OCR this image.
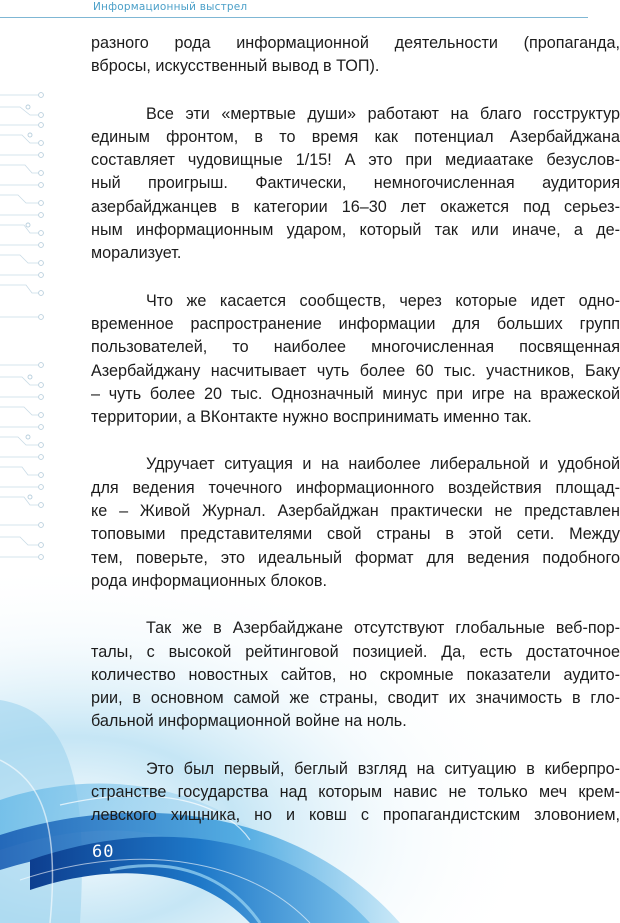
Информационный выстрел

разного рода информационной деятельности (пропаганда,
вбросы, искусственный вывод в ТОП).

Все эти «мертвые души» работают на благо госструктур
единым фронтом, в то время как потенциал Азербайджана
составляет чудовищные 1/15! А это при медиаатаке безуслов-
ный проигрыш. Фактически, немногочисленная аудитория
азербайджанцев в категории 16–30 лет окажется под серьез-
ным информационным ударом, который так или иначе, а де-
морализует.

Что же касается сообществ, через которые идет одно-
временное распространение информации для больших групп
пользователей, то наиболее многочисленная посвященная
Азербайджану насчитывает чуть более 60 тыс. участников, Баку
– чуть более 20 тыс. Однозначный минус при игре на вражеской
территории, а ВКонтакте нужно воспринимать именно так.

Удручает ситуация и на наиболее либеральной и удобной
для ведения точечного информационного воздействия площад-
ке – Живой Журнал. Азербайджан практически не представлен
топовыми представителями свой страны в этой сети. Между
тем, поверьте, это идеальный формат для ведения подобного
рода информационных блоков.

Так же в Азербайджане отсутствуют глобальные веб-пор-
талы, с высокой рейтинговой позицией. Да, есть достаточное
количество новостных сайтов, но скромные показатели аудито-
рии, в основном самой же страны, сводит их значимость в гло-
бальной информационной войне на ноль.

Это был первый, беглый взгляд на ситуацию в киберпро-
странстве государства над которым навис не только меч крем-
левского хищника, но и ковш с пропагандистским зловонием,

60
